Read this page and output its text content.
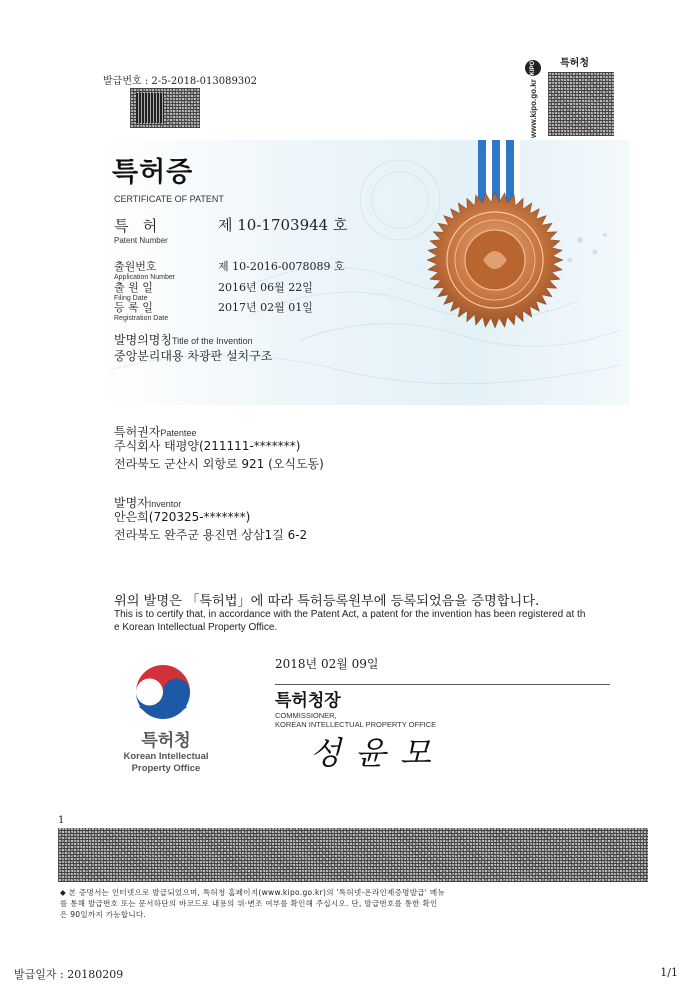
발급번호 : 2-5-2018-013089302	www.kipo.go.kr
KIPO	특허청
특허증
CERTIFICATE OF PATENT
특   허
Patent Number
제 10-1703944 호
출원번호
Application Number
제 10-2016-0078089 호
출 원 일
Filing Date
2016년 06월 22일
등 록 일
Registration Date
2017년 02월 01일
발명의명칭Title of the Invention
중앙분리대용 차광판 설치구조
특허권자Patentee
주식회사 태평양(211111-*******)
전라북도 군산시 외항로 921 (오식도동)
발명자Inventor
안은희(720325-*******)
전라북도 완주군 용진면 상삼1길 6-2
위의 발명은 「특허법」에 따라 특허등록원부에 등록되었음을 증명합니다.
This is to certify that, in accordance with the Patent Act, a patent for the invention has been registered at th
e Korean Intellectual Property Office.
2018년 02월 09일
특허청
Korean Intellectual
Property Office
특허청장
COMMISSIONER,
KOREAN INTELLECTUAL PROPERTY OFFICE
성윤모
1
◆ 본 증명서는 인터넷으로 발급되었으며, 특허청 홈페이지(www.kipo.go.kr)의 '특허넷-온라인제증명발급' 메뉴
를 통해 발급번호 또는 문서하단의 바코드로 내용의 위·변조 여부를 확인해 주십시오. 단, 발급번호를 통한 확인
은 90일까지 가능합니다.
발급일자 : 20180209	1/1
